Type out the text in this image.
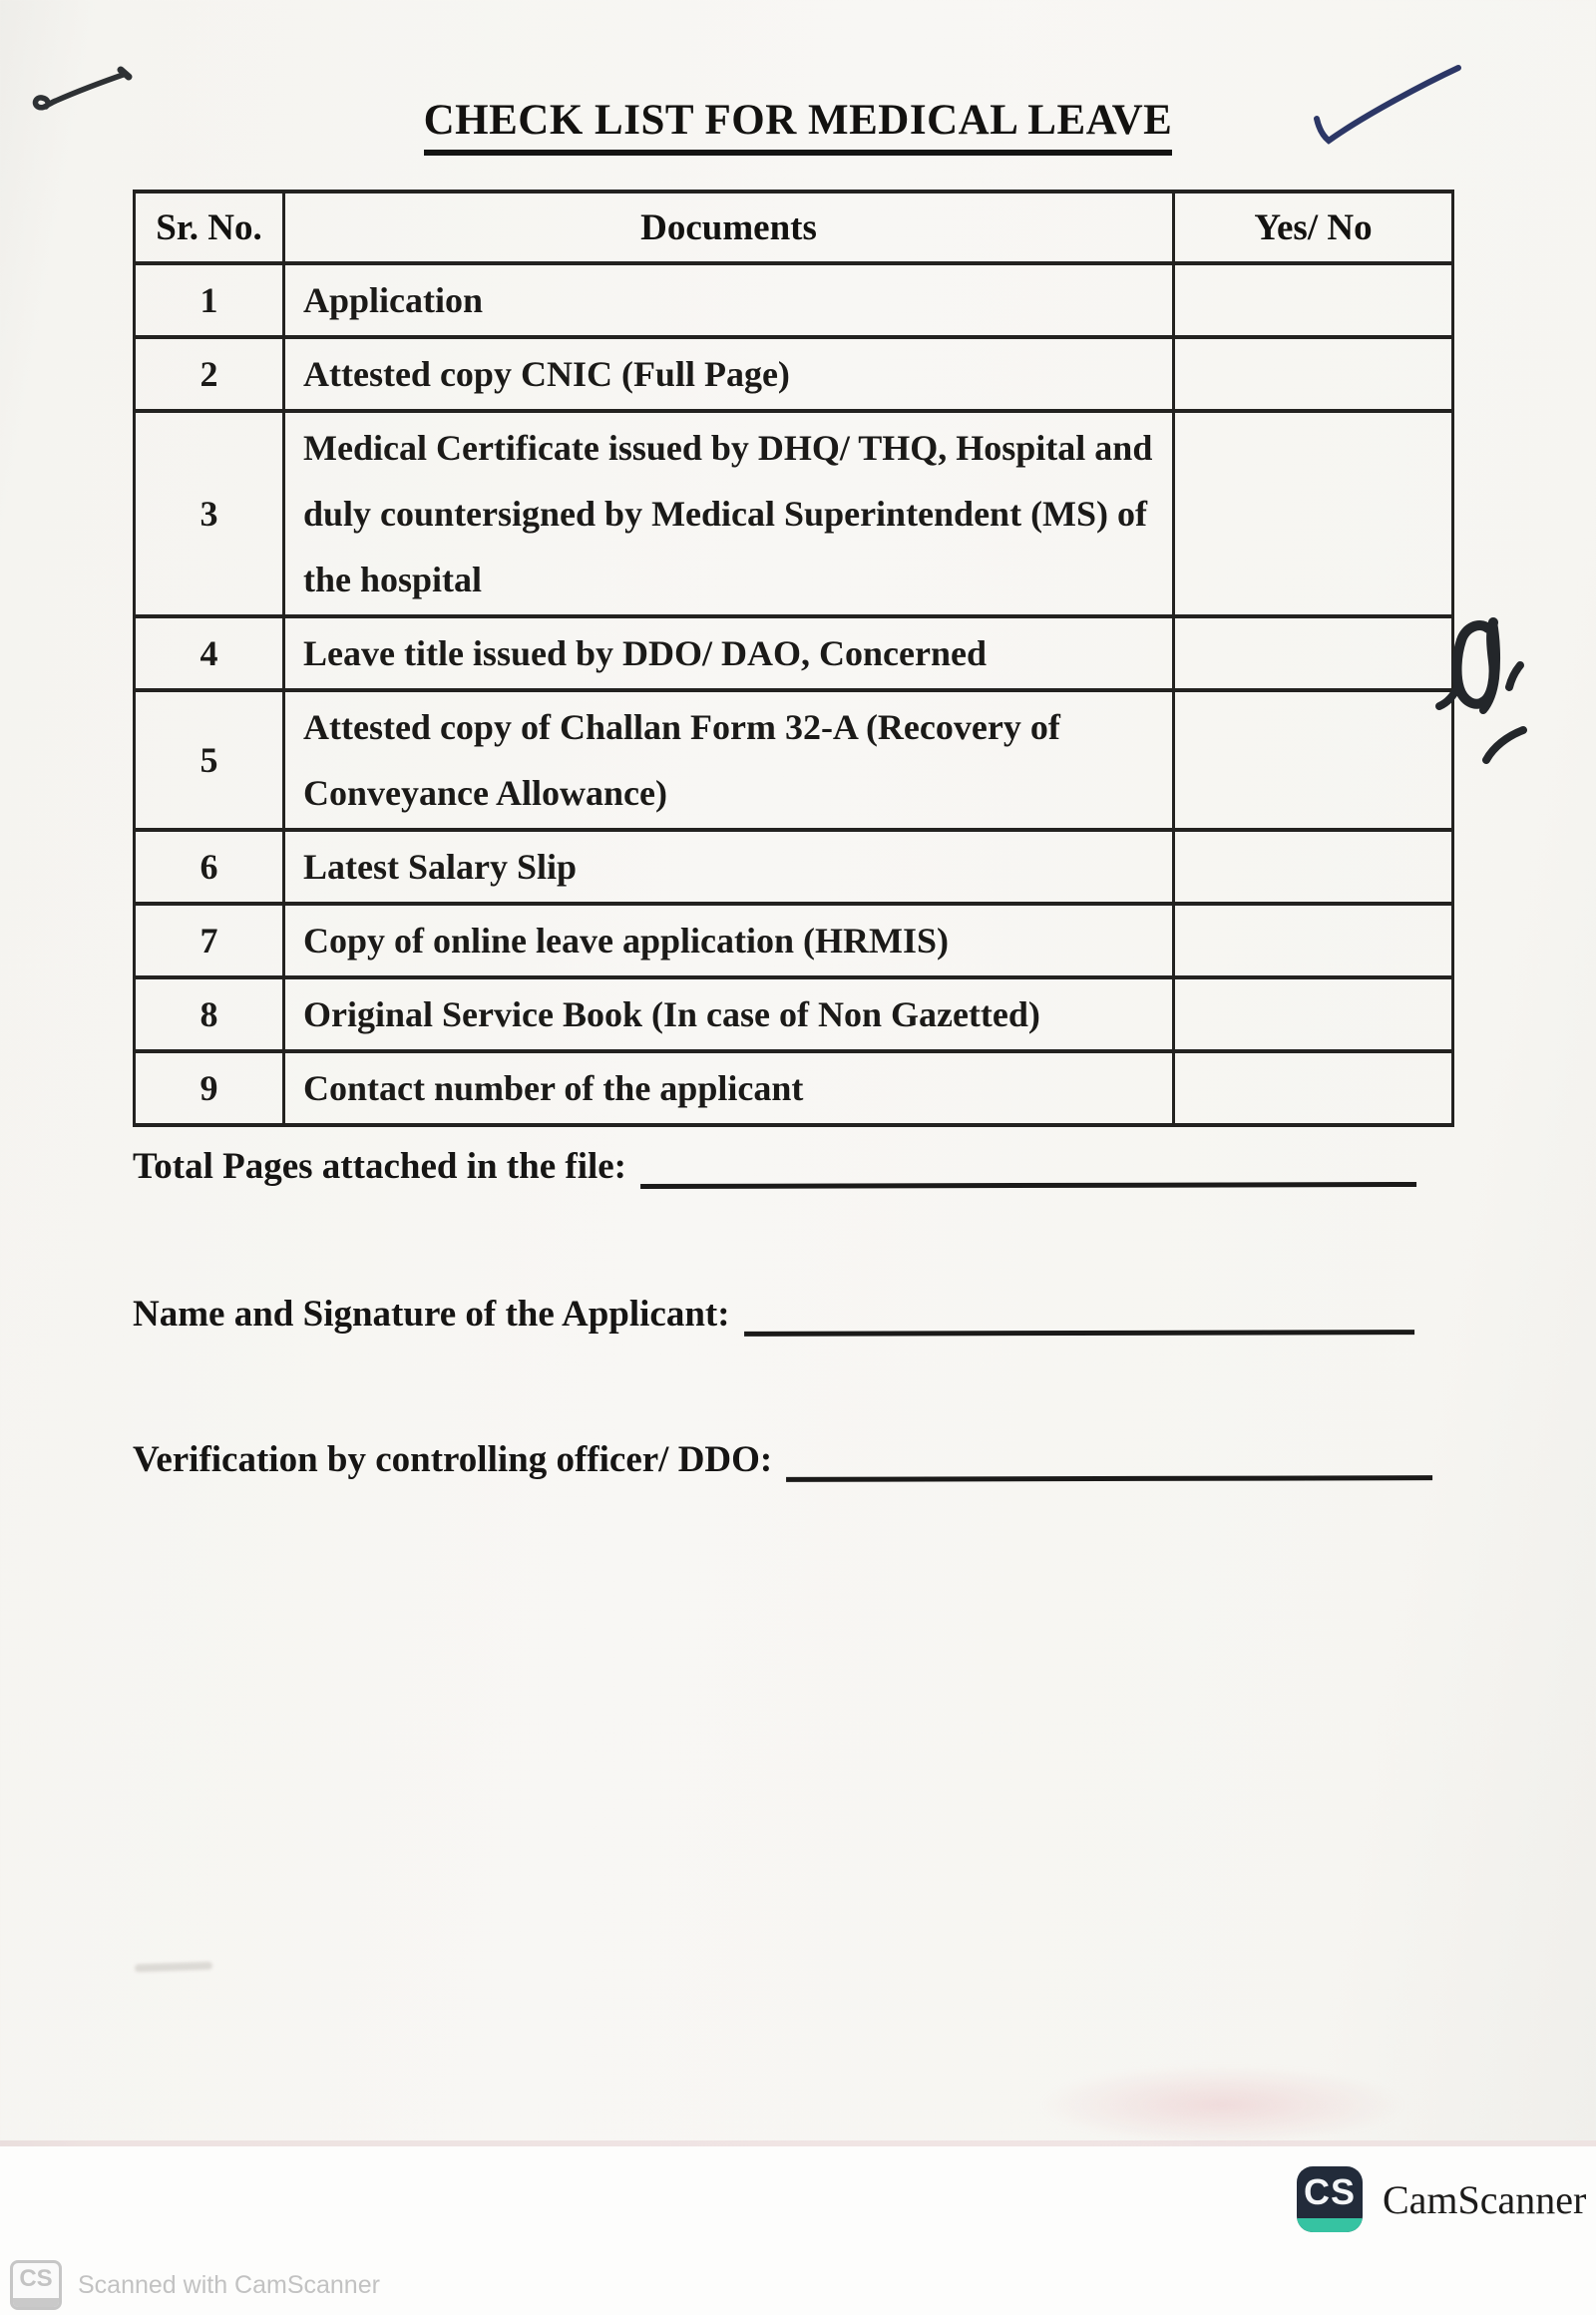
CHECK LIST FOR MEDICAL LEAVE
Sr. No.	Documents	Yes/ No
1	Application	
2	Attested copy CNIC (Full Page)	
3	Medical Certificate issued by DHQ/ THQ, Hospital and duly countersigned by Medical Superintendent (MS) of the hospital	
4	Leave title issued by DDO/ DAO, Concerned	
5	Attested copy of Challan Form 32-A (Recovery of Conveyance Allowance)	
6	Latest Salary Slip	
7	Copy of online leave application (HRMIS)	
8	Original Service Book (In case of Non Gazetted)	
9	Contact number of the applicant	
Total Pages attached in the file:
Name and Signature of the Applicant:
Verification by controlling officer/ DDO:
CS CamScanner
CS Scanned with CamScanner
